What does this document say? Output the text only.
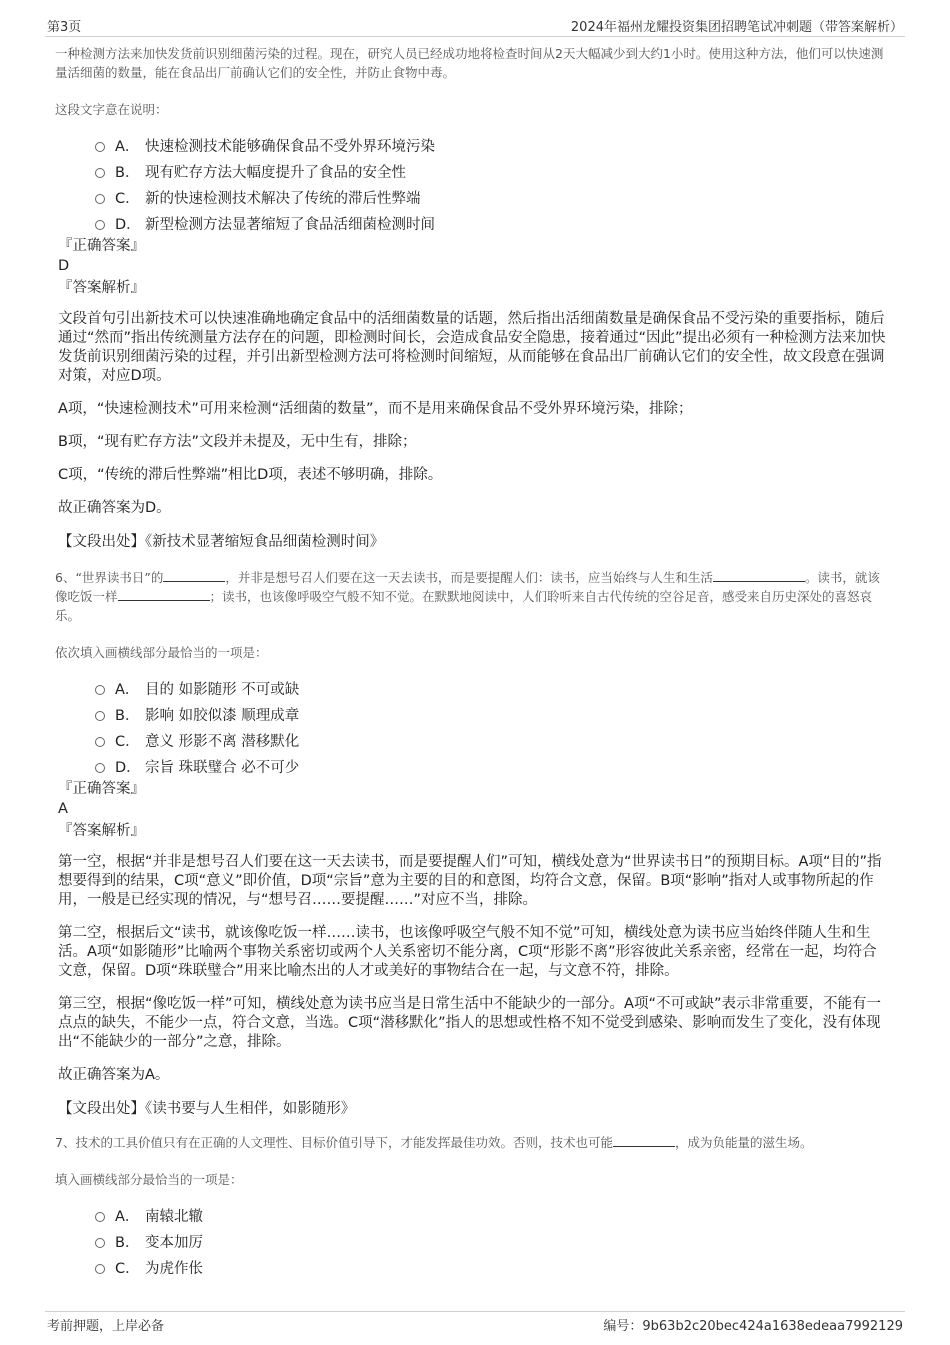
第3页	2024年福州龙耀投资集团招聘笔试冲刺题（带答案解析）

一种检测方法来加快发货前识别细菌污染的过程。现在，研究人员已经成功地将检查时间从2天大幅减少到大约1小时。使用这种方法，他们可以快速测量活细菌的数量，能在食品出厂前确认它们的安全性，并防止食物中毒。

这段文字意在说明：
A． 快速检测技术能够确保食品不受外界环境污染
B． 现有贮存方法大幅度提升了食品的安全性
C． 新的快速检测技术解决了传统的滞后性弊端
D． 新型检测方法显著缩短了食品活细菌检测时间
『正确答案』
D
『答案解析』

文段首句引出新技术可以快速准确地确定食品中的活细菌数量的话题，然后指出活细菌数量是确保食品不受污染的重要指标，随后通过“然而”指出传统测量方法存在的问题，即检测时间长，会造成食品安全隐患，接着通过“因此”提出必须有一种检测方法来加快发货前识别细菌污染的过程，并引出新型检测方法可将检测时间缩短，从而能够在食品出厂前确认它们的安全性，故文段意在强调对策，对应D项。

A项，“快速检测技术”可用来检测“活细菌的数量”，而不是用来确保食品不受外界环境污染，排除；

B项，“现有贮存方法”文段并未提及，无中生有，排除；

C项，“传统的滞后性弊端”相比D项，表述不够明确，排除。

故正确答案为D。

【文段出处】《新技术显著缩短食品细菌检测时间》

6、“世界读书日”的	，并非是想号召人们要在这一天去读书，而是要提醒人们：读书，应当始终与人生和生活	。读书，就该像吃饭一样	；读书，也该像呼吸空气般不知不觉。在默默地阅读中，人们聆听来自古代传统的空谷足音，感受来自历史深处的喜怒哀乐。

依次填入画横线部分最恰当的一项是：
A． 目的 如影随形 不可或缺
B． 影响 如胶似漆 顺理成章
C． 意义 形影不离 潜移默化
D． 宗旨 珠联璧合 必不可少
『正确答案』
A
『答案解析』

第一空，根据“并非是想号召人们要在这一天去读书，而是要提醒人们”可知，横线处意为“世界读书日”的预期目标。A项“目的”指想要得到的结果，C项“意义”即价值，D项“宗旨”意为主要的目的和意图，均符合文意，保留。B项“影响”指对人或事物所起的作用，一般是已经实现的情况，与“想号召……要提醒……”对应不当，排除。

第二空，根据后文“读书，就该像吃饭一样……读书，也该像呼吸空气般不知不觉”可知，横线处意为读书应当始终伴随人生和生活。A项“如影随形”比喻两个事物关系密切或两个人关系密切不能分离，C项“形影不离”形容彼此关系亲密，经常在一起，均符合文意，保留。D项“珠联璧合”用来比喻杰出的人才或美好的事物结合在一起，与文意不符，排除。

第三空，根据“像吃饭一样”可知，横线处意为读书应当是日常生活中不能缺少的一部分。A项“不可或缺”表示非常重要，不能有一点点的缺失，不能少一点，符合文意，当选。C项“潜移默化”指人的思想或性格不知不觉受到感染、影响而发生了变化，没有体现出“不能缺少的一部分”之意，排除。

故正确答案为A。

【文段出处】《读书要与人生相伴，如影随形》

7、技术的工具价值只有在正确的人文理性、目标价值引导下，才能发挥最佳功效。否则，技术也可能	，成为负能量的滋生场。

填入画横线部分最恰当的一项是：
A． 南辕北辙
B． 变本加厉
C． 为虎作伥
考前押题，上岸必备	编号：9b63b2c20bec424a1638edeaa7992129
